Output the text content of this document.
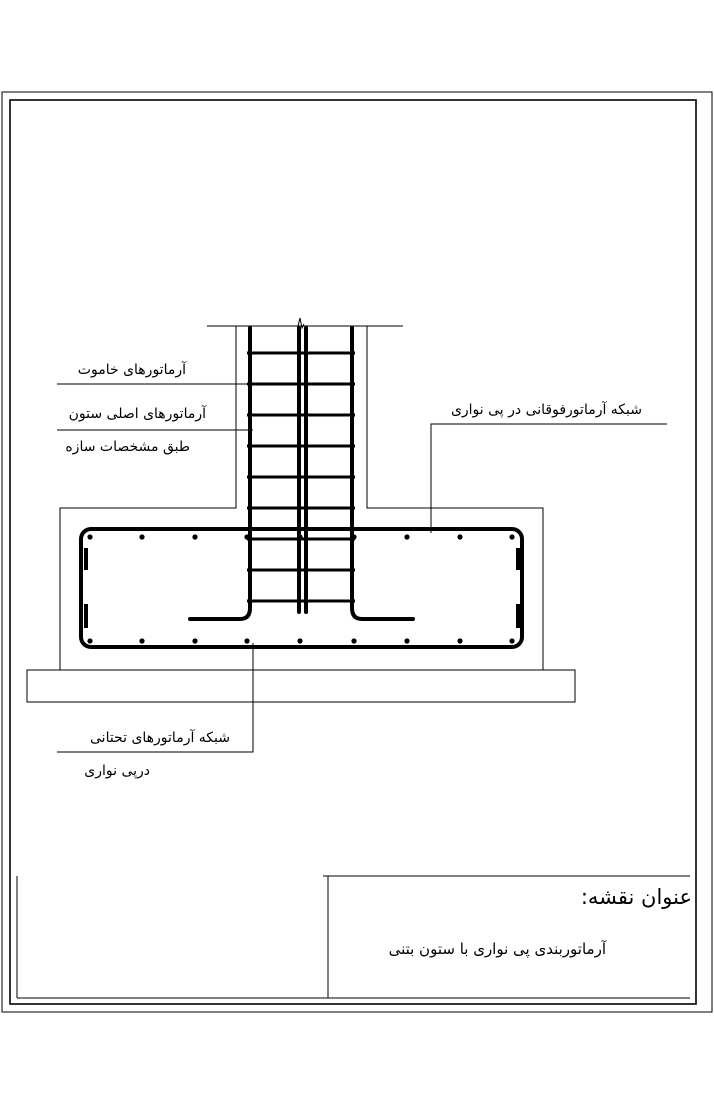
آرماتورهای خاموت
آرماتورهای اصلی ستون
طبق مشخصات سازه
شبکه آرماتورفوقانی در پی نواری
شبکه آرماتورهای تحتانی
درپی نواری
عنوان نقشه:
آرماتوربندی پی نواری با ستون بتنی
